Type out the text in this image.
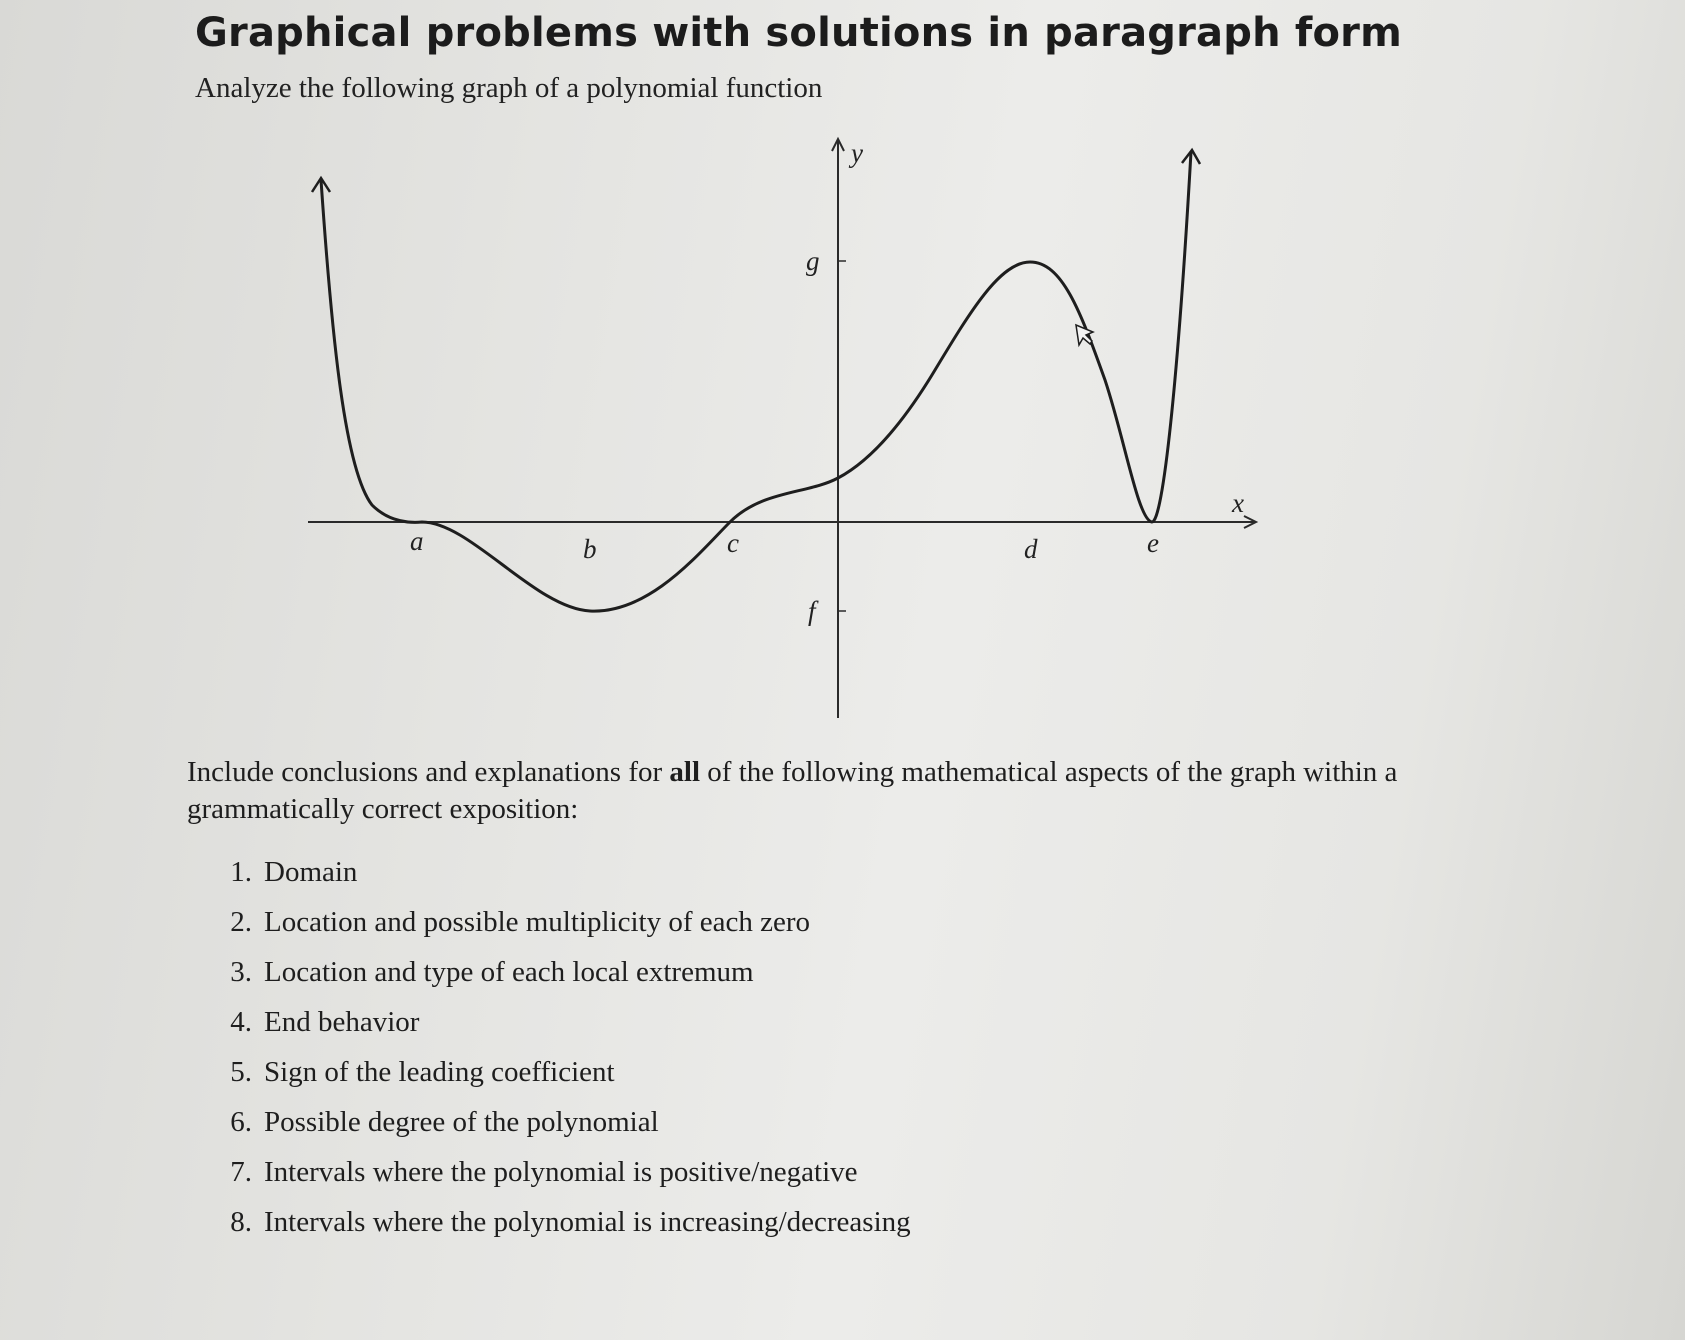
Graphical problems with solutions in paragraph form
Analyze the following graph of a polynomial function
y
x
a	b	c	d	e
g
f
Include conclusions and explanations for all of the following mathematical aspects of the graph within a grammatically correct exposition:
1. Domain
2. Location and possible multiplicity of each zero
3. Location and type of each local extremum
4. End behavior
5. Sign of the leading coefficient
6. Possible degree of the polynomial
7. Intervals where the polynomial is positive/negative
8. Intervals where the polynomial is increasing/decreasing
